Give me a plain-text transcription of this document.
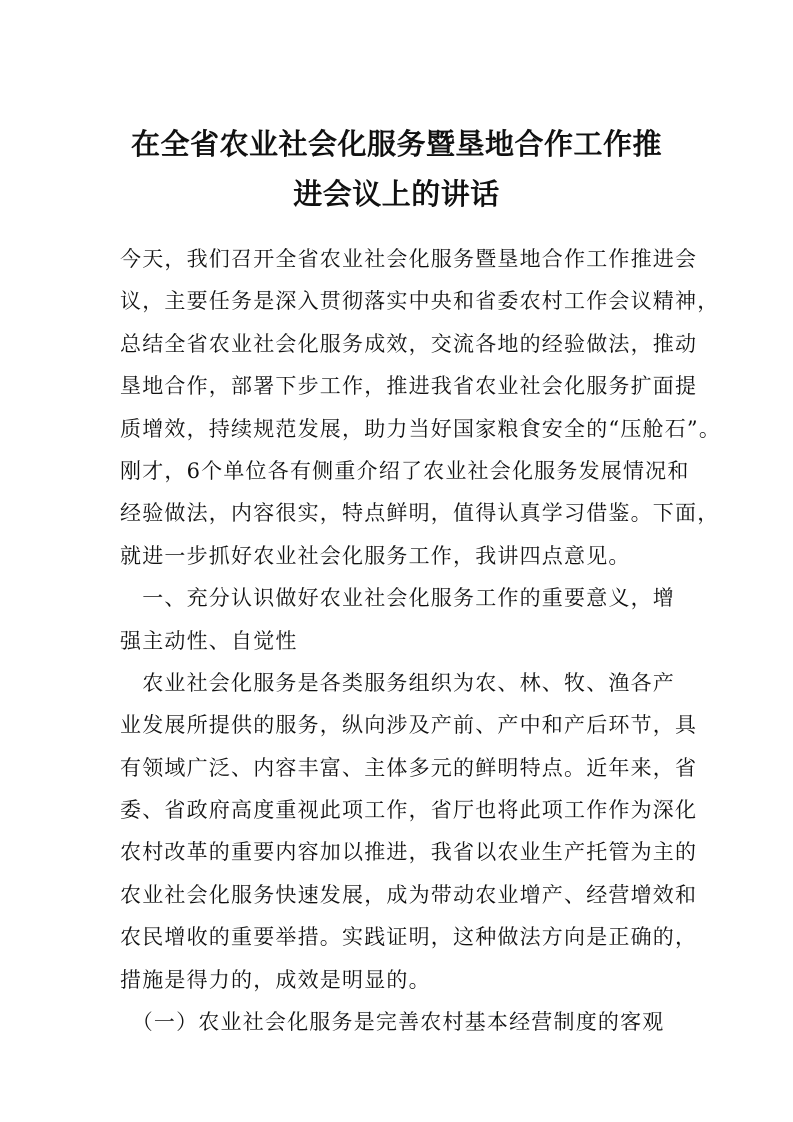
在全省农业社会化服务暨垦地合作工作推
进会议上的讲话

今天，我们召开全省农业社会化服务暨垦地合作工作推进会
议，主要任务是深入贯彻落实中央和省委农村工作会议精神，
总结全省农业社会化服务成效，交流各地的经验做法，推动
垦地合作，部署下步工作，推进我省农业社会化服务扩面提
质增效，持续规范发展，助力当好国家粮食安全的“压舱石”。
刚才，6个单位各有侧重介绍了农业社会化服务发展情况和
经验做法，内容很实，特点鲜明，值得认真学习借鉴。下面，
就进一步抓好农业社会化服务工作，我讲四点意见。

　一、充分认识做好农业社会化服务工作的重要意义，增
强主动性、自觉性

　农业社会化服务是各类服务组织为农、林、牧、渔各产
业发展所提供的服务，纵向涉及产前、产中和产后环节，具
有领域广泛、内容丰富、主体多元的鲜明特点。近年来，省
委、省政府高度重视此项工作，省厅也将此项工作作为深化
农村改革的重要内容加以推进，我省以农业生产托管为主的
农业社会化服务快速发展，成为带动农业增产、经营增效和
农民增收的重要举措。实践证明，这种做法方向是正确的，
措施是得力的，成效是明显的。

　（一）农业社会化服务是完善农村基本经营制度的客观
